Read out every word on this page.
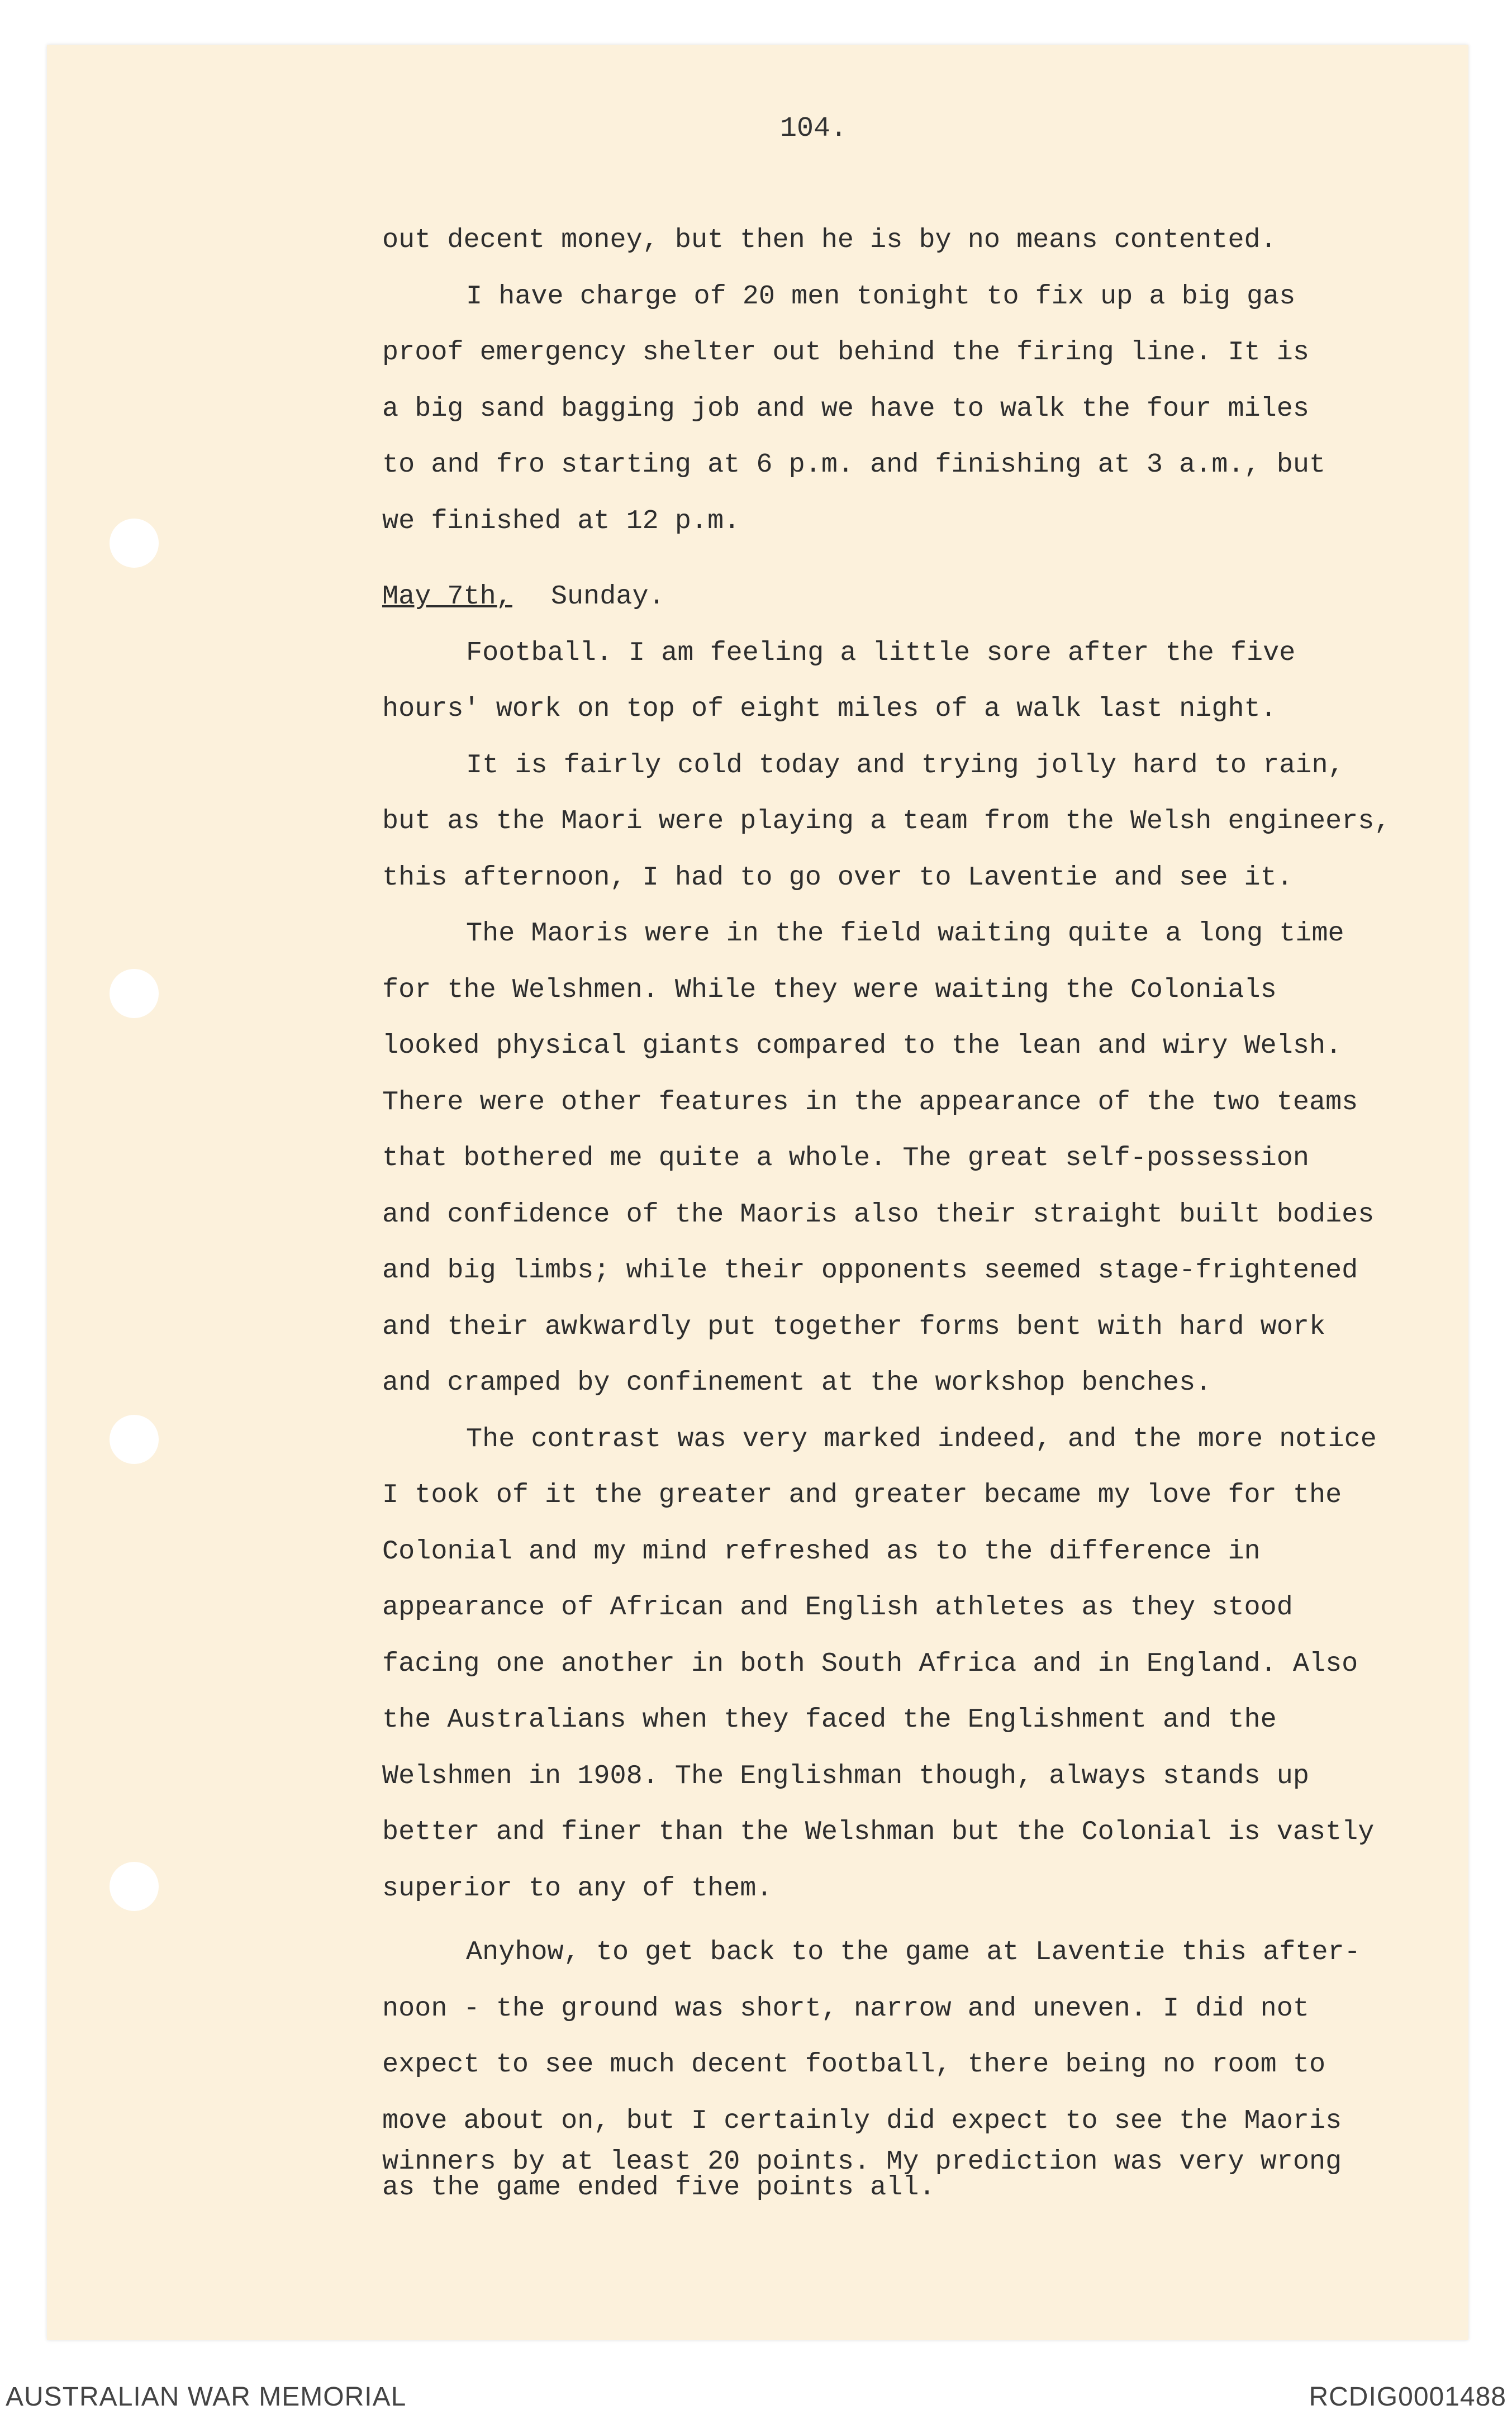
104.
out decent money, but then he is by no means contented.
I have charge of 20 men tonight to fix up a big gas
proof emergency shelter out behind the firing line. It is
a big sand bagging job and we have to walk the four miles
to and fro starting at 6 p.m. and finishing at 3 a.m., but
we finished at 12 p.m.
May 7th, Sunday.
Football. I am feeling a little sore after the five
hours' work on top of eight miles of a walk last night.
It is fairly cold today and trying jolly hard to rain,
but as the Maori were playing a team from the Welsh engineers,
this afternoon, I had to go over to Laventie and see it.
The Maoris were in the field waiting quite a long time
for the Welshmen. While they were waiting the Colonials
looked physical giants compared to the lean and wiry Welsh.
There were other features in the appearance of the two teams
that bothered me quite a whole. The great self-possession
and confidence of the Maoris also their straight built bodies
and big limbs; while their opponents seemed stage-frightened
and their awkwardly put together forms bent with hard work
and cramped by confinement at the workshop benches.
The contrast was very marked indeed, and the more notice
I took of it the greater and greater became my love for the
Colonial and my mind refreshed as to the difference in
appearance of African and English athletes as they stood
facing one another in both South Africa and in England. Also
the Australians when they faced the Englishment and the
Welshmen in 1908. The Englishman though, always stands up
better and finer than the Welshman but the Colonial is vastly
superior to any of them.
Anyhow, to get back to the game at Laventie this after-
noon - the ground was short, narrow and uneven. I did not
expect to see much decent football, there being no room to
move about on, but I certainly did expect to see the Maoris
winners by at least 20 points. My prediction was very wrong
as the game ended five points all.
AUSTRALIAN WAR MEMORIAL	RCDIG0001488
